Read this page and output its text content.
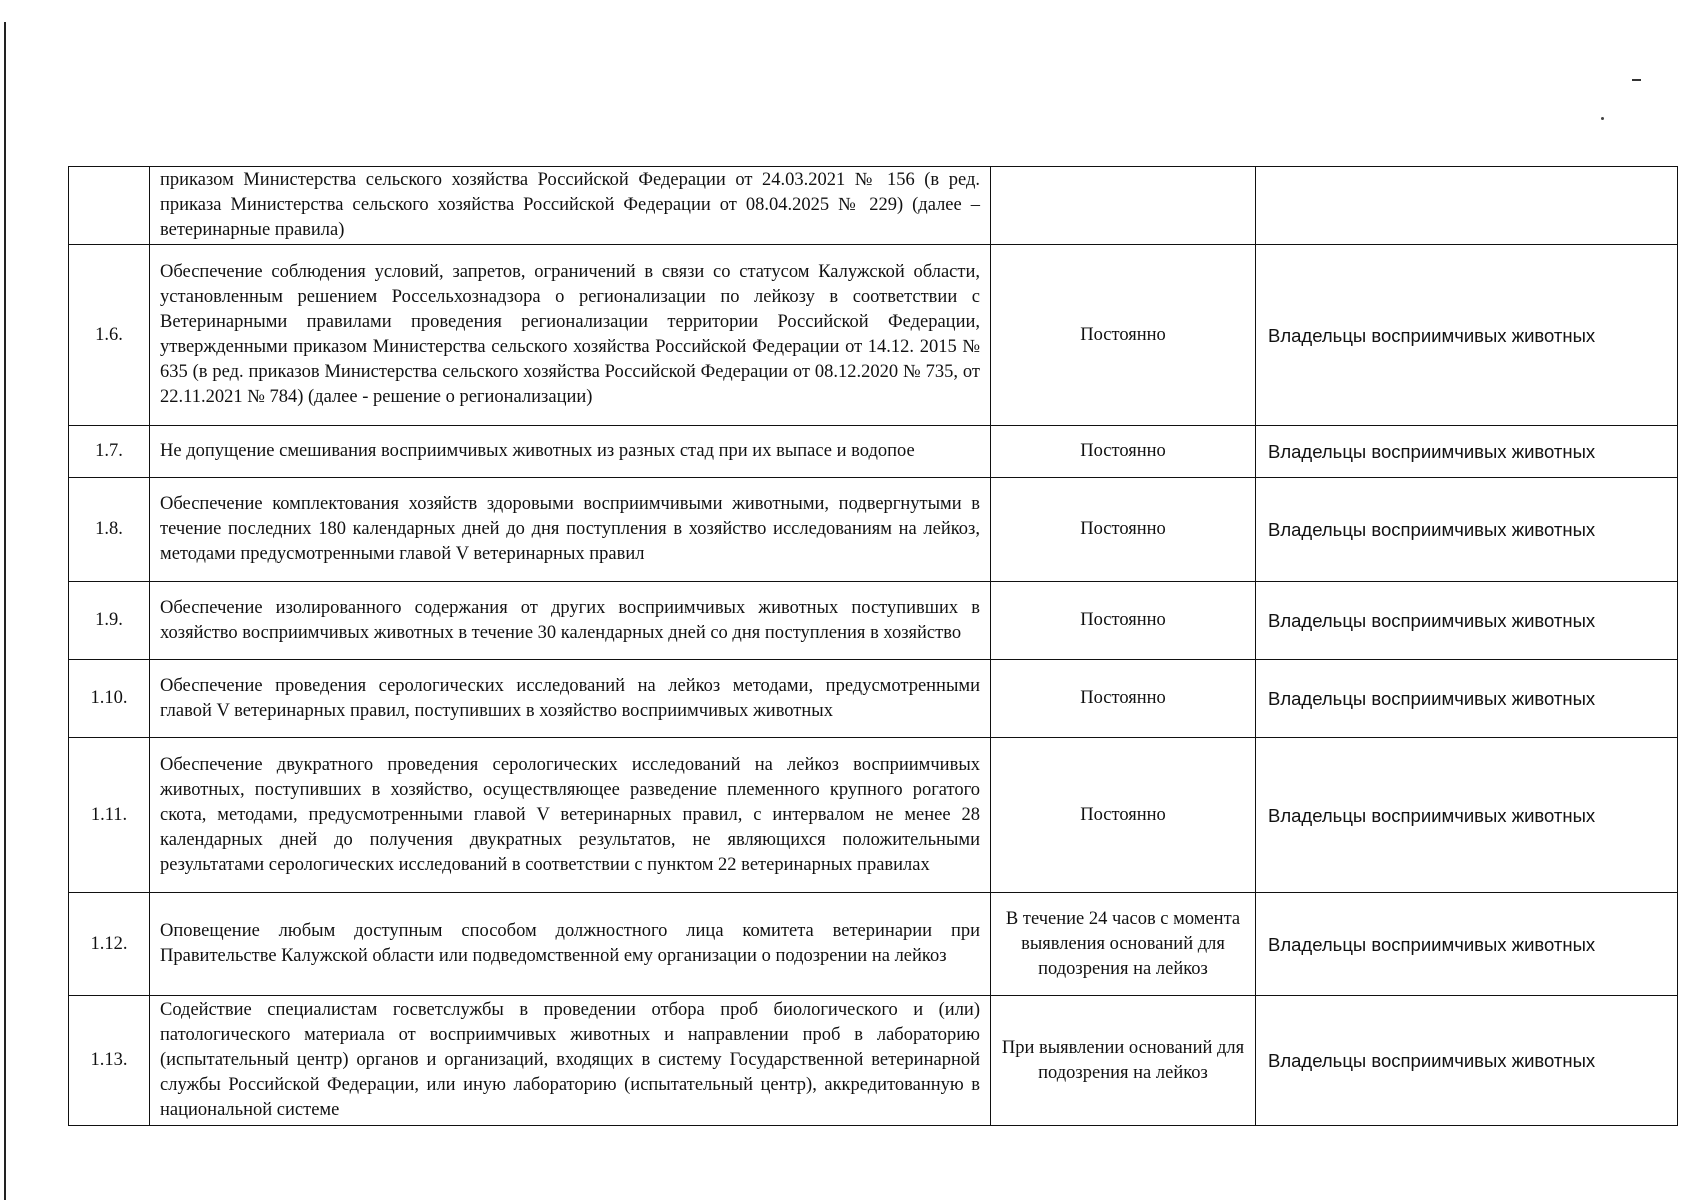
	приказом Министерства сельского хозяйства Российской Федерации от 24.03.2021 № 156 (в ред. приказа Министерства сельского хозяйства Российской Федерации от 08.04.2025 № 229) (далее – ветеринарные правила)		
1.6.	Обеспечение соблюдения условий, запретов, ограничений в связи со статусом Калужской области, установленным решением Россельхознадзора о регионализации по лейкозу в соответствии с Ветеринарными правилами проведения регионализации территории Российской Федерации, утвержденными приказом Министерства сельского хозяйства Российской Федерации от 14.12. 2015 № 635 (в ред. приказов Министерства сельского хозяйства Российской Федерации от 08.12.2020 № 735, от 22.11.2021 № 784) (далее - решение о регионализации)	Постоянно	Владельцы восприимчивых животных
1.7.	Не допущение смешивания восприимчивых животных из разных стад при их выпасе и водопое	Постоянно	Владельцы восприимчивых животных
1.8.	Обеспечение комплектования хозяйств здоровыми восприимчивыми животными, подвергнутыми в течение последних 180 календарных дней до дня поступления в хозяйство исследованиям на лейкоз, методами предусмотренными главой V ветеринарных правил	Постоянно	Владельцы восприимчивых животных
1.9.	Обеспечение изолированного содержания от других восприимчивых животных поступивших в хозяйство восприимчивых животных в течение 30 календарных дней со дня поступления в хозяйство	Постоянно	Владельцы восприимчивых животных
1.10.	Обеспечение проведения серологических исследований на лейкоз методами, предусмотренными главой V ветеринарных правил, поступивших в хозяйство восприимчивых животных	Постоянно	Владельцы восприимчивых животных
1.11.	Обеспечение двукратного проведения серологических исследований на лейкоз восприимчивых животных, поступивших в хозяйство, осуществляющее разведение племенного крупного рогатого скота, методами, предусмотренными главой V ветеринарных правил, с интервалом не менее 28 календарных дней до получения двукратных результатов, не являющихся положительными результатами серологических исследований в соответствии с пунктом 22 ветеринарных правилах	Постоянно	Владельцы восприимчивых животных
1.12.	Оповещение любым доступным способом должностного лица комитета ветеринарии при Правительстве Калужской области или подведомственной ему организации о подозрении на лейкоз	В течение 24 часов с момента выявления оснований для подозрения на лейкоз	Владельцы восприимчивых животных
1.13.	Содействие специалистам госветслужбы в проведении отбора проб биологического и (или) патологического материала от восприимчивых животных и направлении проб в лабораторию (испытательный центр) органов и организаций, входящих в систему Государственной ветеринарной службы Российской Федерации, или иную лабораторию (испытательный центр), аккредитованную в национальной системе	При выявлении оснований для подозрения на лейкоз	Владельцы восприимчивых животных
